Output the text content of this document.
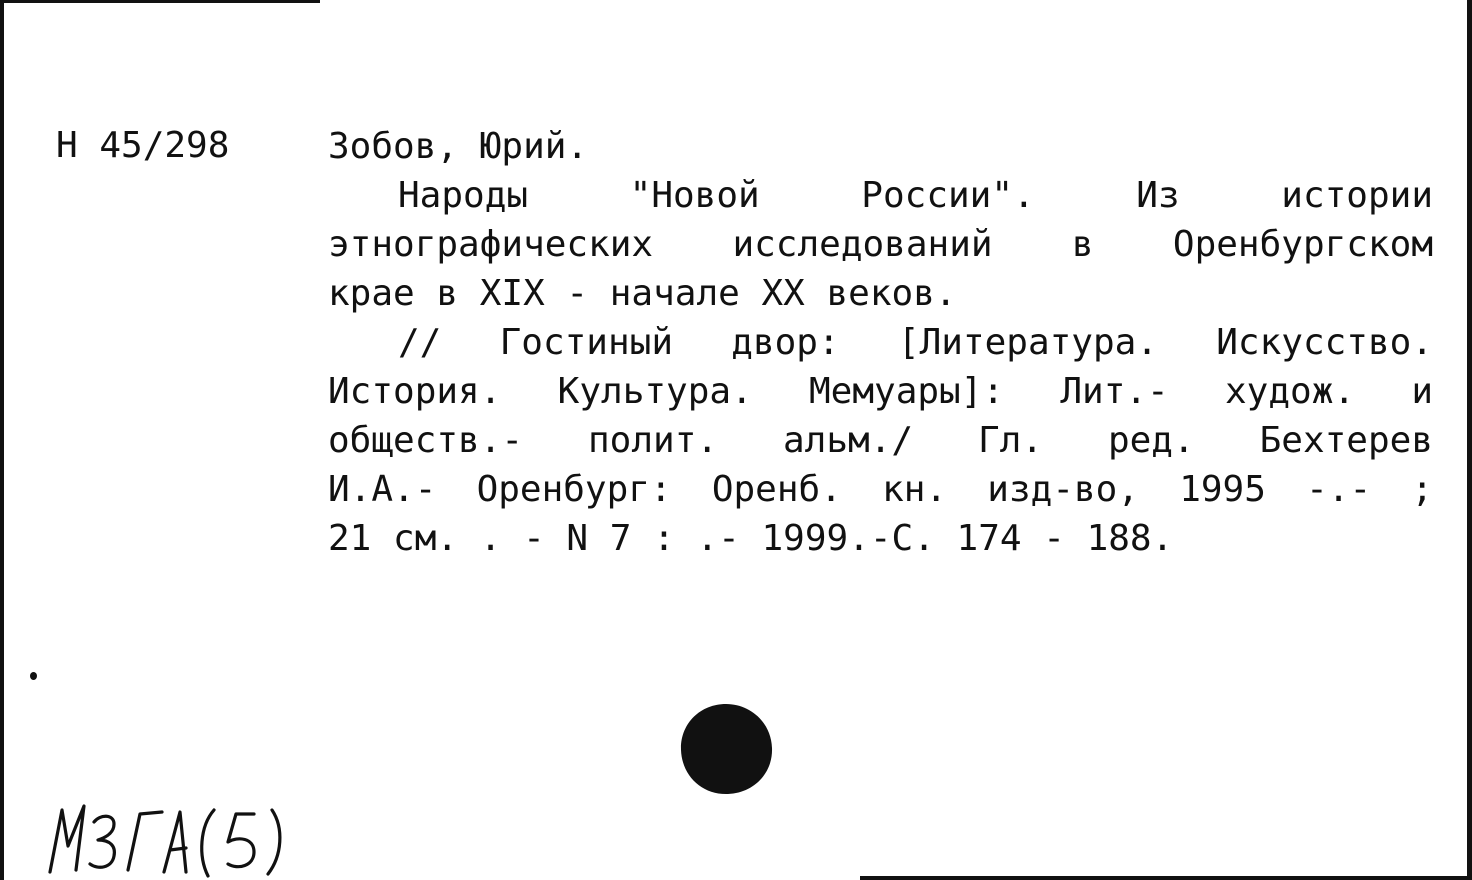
Н 45/298	Зобов, Юрий.
Народы "Новой России". Из истории
этнографических исследований в Оренбургском
крае в XIX - начале XX веков.
// Гостиный двор: [Литература. Искусство.
История. Культура. Мемуары]: Лит.- худож. и
обществ.- полит. альм./ Гл. ред. Бехтерев
И.А.- Оренбург: Оренб. кн. изд-во, 1995 -.- ;
21 см. . - N 7 : .- 1999.-С. 174 - 188.
